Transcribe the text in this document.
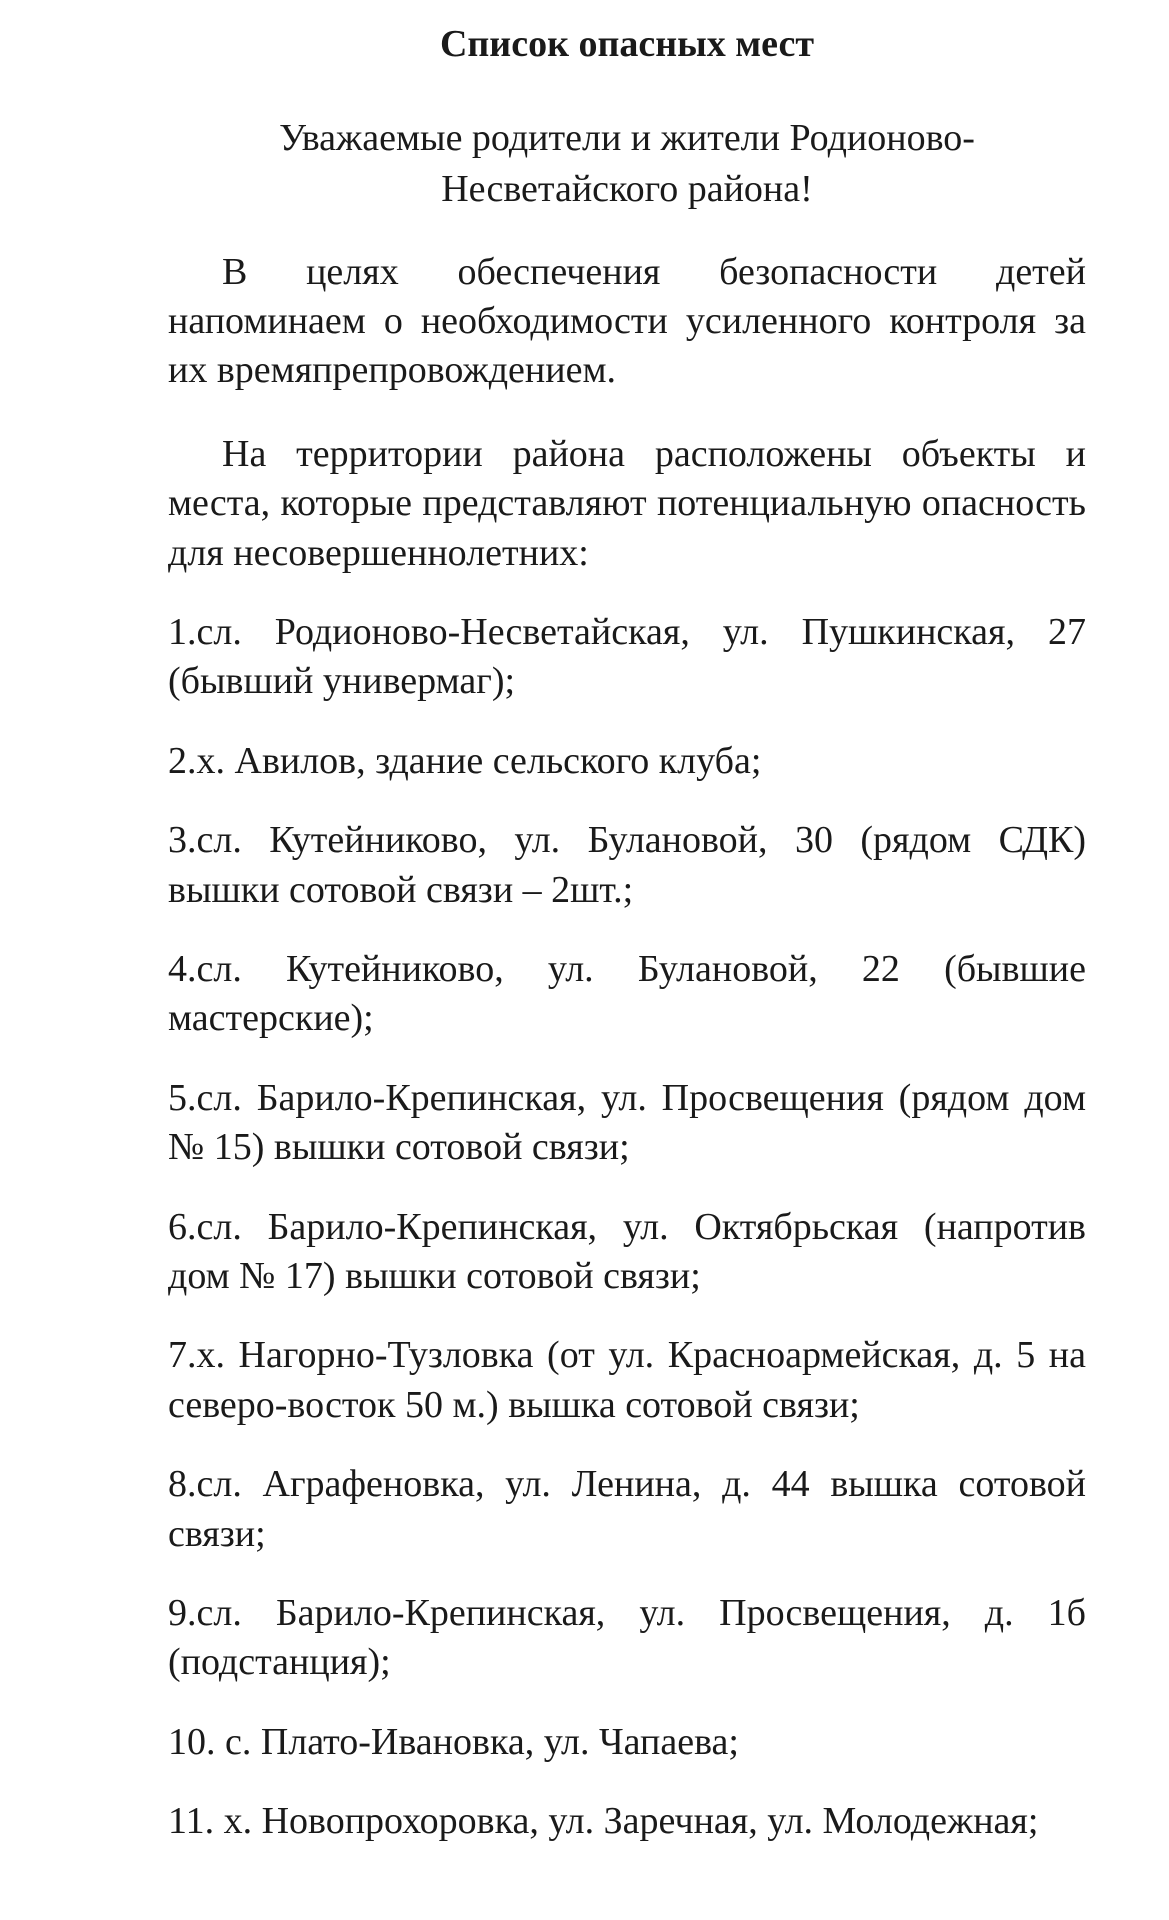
Список опасных мест

Уважаемые родители и жители Родионово-Несветайского района!

В целях обеспечения безопасности детей напоминаем о необходимости усиленного контроля за их времяпрепровождением.

На территории района расположены объекты и места, которые представляют потенциальную опасность для несовершеннолетних:

1.сл. Родионово-Несветайская, ул. Пушкинская, 27 (бывший универмаг);
2.х. Авилов, здание сельского клуба;
3.сл. Кутейниково, ул. Булановой, 30 (рядом СДК) вышки сотовой связи – 2шт.;
4.сл. Кутейниково, ул. Булановой, 22 (бывшие мастерские);
5.сл. Барило-Крепинская, ул. Просвещения (рядом дом № 15) вышки сотовой связи;
6.сл. Барило-Крепинская, ул. Октябрьская (напротив дом № 17) вышки сотовой связи;
7.х. Нагорно-Тузловка (от ул. Красноармейская, д. 5 на северо-восток 50 м.) вышка сотовой связи;
8.сл. Аграфеновка, ул. Ленина, д. 44 вышка сотовой связи;
9.сл. Барило-Крепинская, ул. Просвещения, д. 1б (подстанция);
10. с. Плато-Ивановка, ул. Чапаева;
11. х. Новопрохоровка, ул. Заречная, ул. Молодежная;
